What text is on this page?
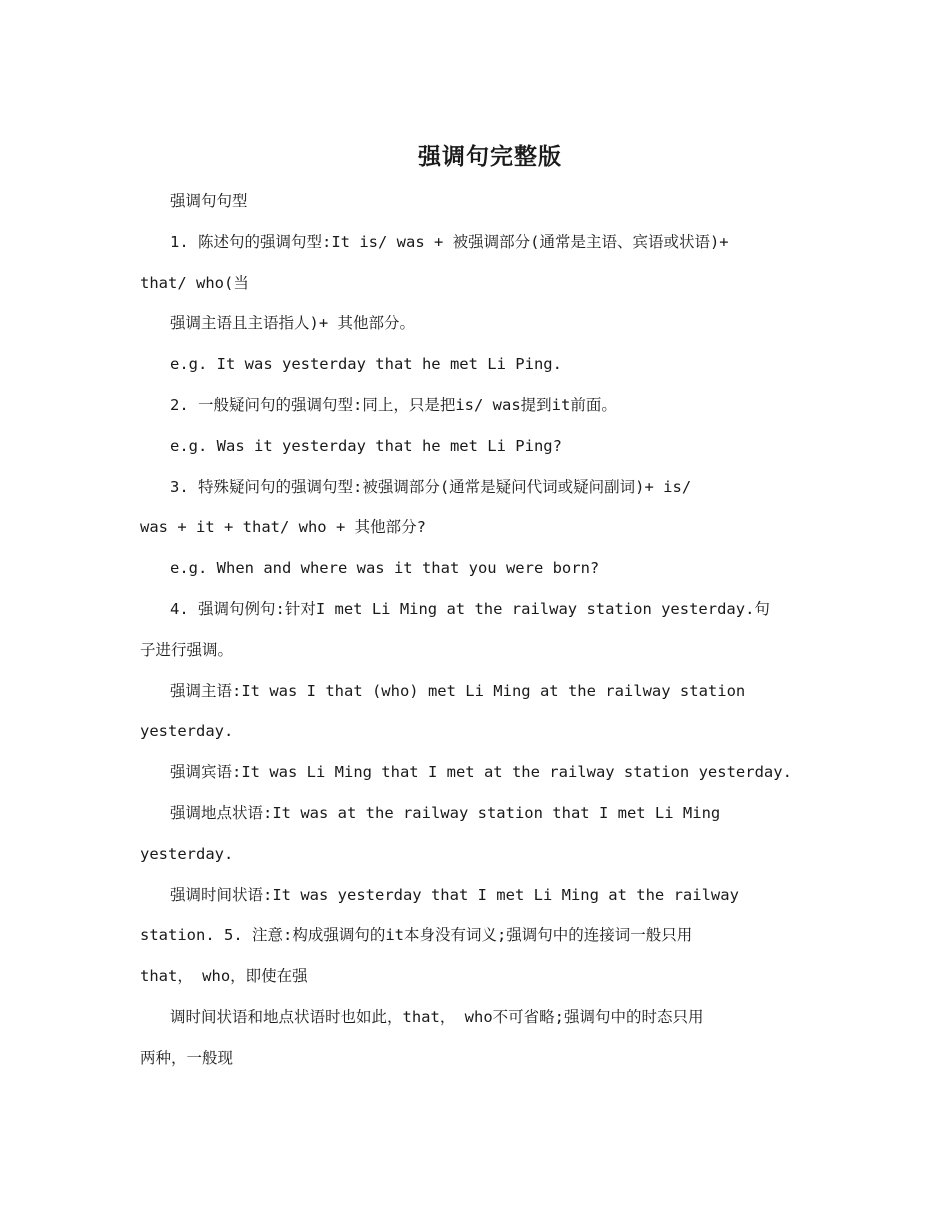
强调句完整版

强调句句型

1. 陈述句的强调句型:It is/ was + 被强调部分(通常是主语、宾语或状语)+

that/ who(当

强调主语且主语指人)+ 其他部分。

e.g. It was yesterday that he met Li Ping.

2. 一般疑问句的强调句型:同上，只是把is/ was提到it前面。

e.g. Was it yesterday that he met Li Ping?

3. 特殊疑问句的强调句型:被强调部分(通常是疑问代词或疑问副词)+ is/

was + it + that/ who + 其他部分?

e.g. When and where was it that you were born?

4. 强调句例句:针对I met Li Ming at the railway station yesterday.句

子进行强调。

强调主语:It was I that (who) met Li Ming at the railway station

yesterday.

强调宾语:It was Li Ming that I met at the railway station yesterday.

强调地点状语:It was at the railway station that I met Li Ming

yesterday.

强调时间状语:It was yesterday that I met Li Ming at the railway

station. 5. 注意:构成强调句的it本身没有词义;强调句中的连接词一般只用

that， who，即使在强

调时间状语和地点状语时也如此，that， who不可省略;强调句中的时态只用

两种，一般现
